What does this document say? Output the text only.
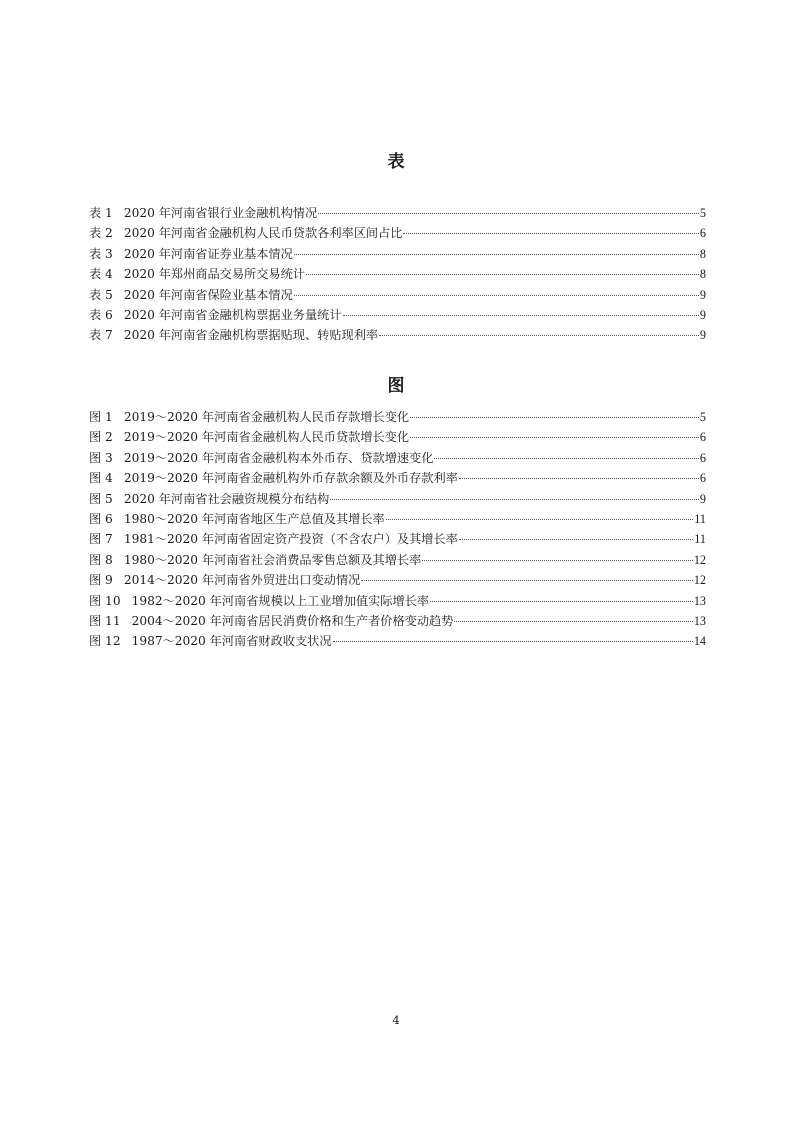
表
表 1 2020 年河南省银行业金融机构情况	5
表 2 2020 年河南省金融机构人民币贷款各利率区间占比	6
表 3 2020 年河南省证券业基本情况	8
表 4 2020 年郑州商品交易所交易统计	8
表 5 2020 年河南省保险业基本情况	9
表 6 2020 年河南省金融机构票据业务量统计	9
表 7 2020 年河南省金融机构票据贴现、转贴现利率	9
图
图 1 2019～2020 年河南省金融机构人民币存款增长变化	5
图 2 2019～2020 年河南省金融机构人民币贷款增长变化	6
图 3 2019～2020 年河南省金融机构本外币存、贷款增速变化	6
图 4 2019～2020 年河南省金融机构外币存款余额及外币存款利率	6
图 5 2020 年河南省社会融资规模分布结构	9
图 6 1980～2020 年河南省地区生产总值及其增长率	11
图 7 1981～2020 年河南省固定资产投资（不含农户）及其增长率	11
图 8 1980～2020 年河南省社会消费品零售总额及其增长率	12
图 9 2014～2020 年河南省外贸进出口变动情况	12
图 10 1982～2020 年河南省规模以上工业增加值实际增长率	13
图 11 2004～2020 年河南省居民消费价格和生产者价格变动趋势	13
图 12 1987～2020 年河南省财政收支状况	14
4
